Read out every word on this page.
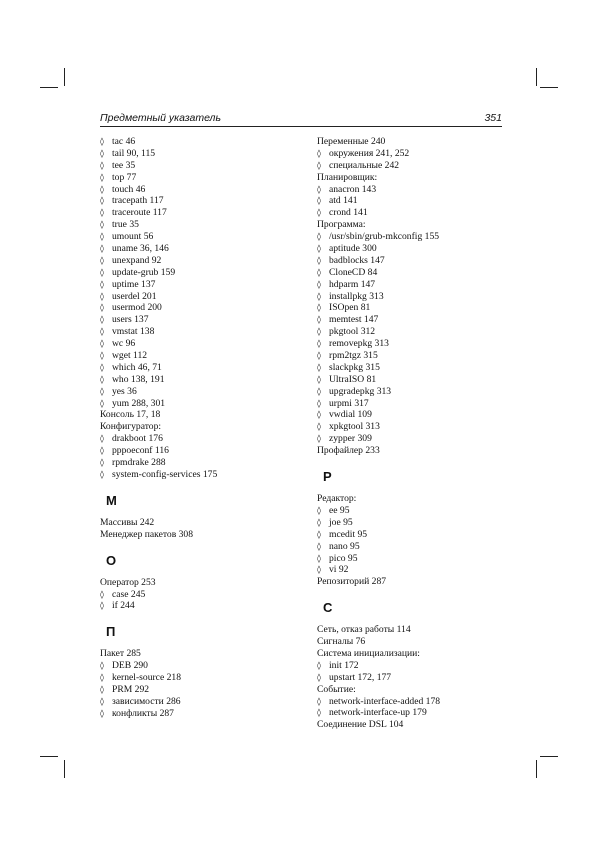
Предметный указатель	351
◊ tac 46
◊ tail 90, 115
◊ tee 35
◊ top 77
◊ touch 46
◊ tracepath 117
◊ traceroute 117
◊ true 35
◊ umount 56
◊ uname 36, 146
◊ unexpand 92
◊ update-grub 159
◊ uptime 137
◊ userdel 201
◊ usermod 200
◊ users 137
◊ vmstat 138
◊ wc 96
◊ wget 112
◊ which 46, 71
◊ who 138, 191
◊ yes 36
◊ yum 288, 301
Консоль 17, 18
Конфигуратор:
◊ drakboot 176
◊ pppoeconf 116
◊ rpmdrake 288
◊ system-config-services 175
М
Массивы 242
Менеджер пакетов 308
О
Оператор 253
◊ case 245
◊ if 244
П
Пакет 285
◊ DEB 290
◊ kernel-source 218
◊ PRM 292
◊ зависимости 286
◊ конфликты 287
Переменные 240
◊ окружения 241, 252
◊ специальные 242
Планировщик:
◊ anacron 143
◊ atd 141
◊ crond 141
Программа:
◊ /usr/sbin/grub-mkconfig 155
◊ aptitude 300
◊ badblocks 147
◊ CloneCD 84
◊ hdparm 147
◊ installpkg 313
◊ ISOpen 81
◊ memtest 147
◊ pkgtool 312
◊ removepkg 313
◊ rpm2tgz 315
◊ slackpkg 315
◊ UltraISO 81
◊ upgradepkg 313
◊ urpmi 317
◊ vwdial 109
◊ xpkgtool 313
◊ zypper 309
Профайлер 233
Р
Редактор:
◊ ee 95
◊ joe 95
◊ mcedit 95
◊ nano 95
◊ pico 95
◊ vi 92
Репозиторий 287
С
Сеть, отказ работы 114
Сигналы 76
Система инициализации:
◊ init 172
◊ upstart 172, 177
Событие:
◊ network-interface-added 178
◊ network-interface-up 179
Соединение DSL 104
